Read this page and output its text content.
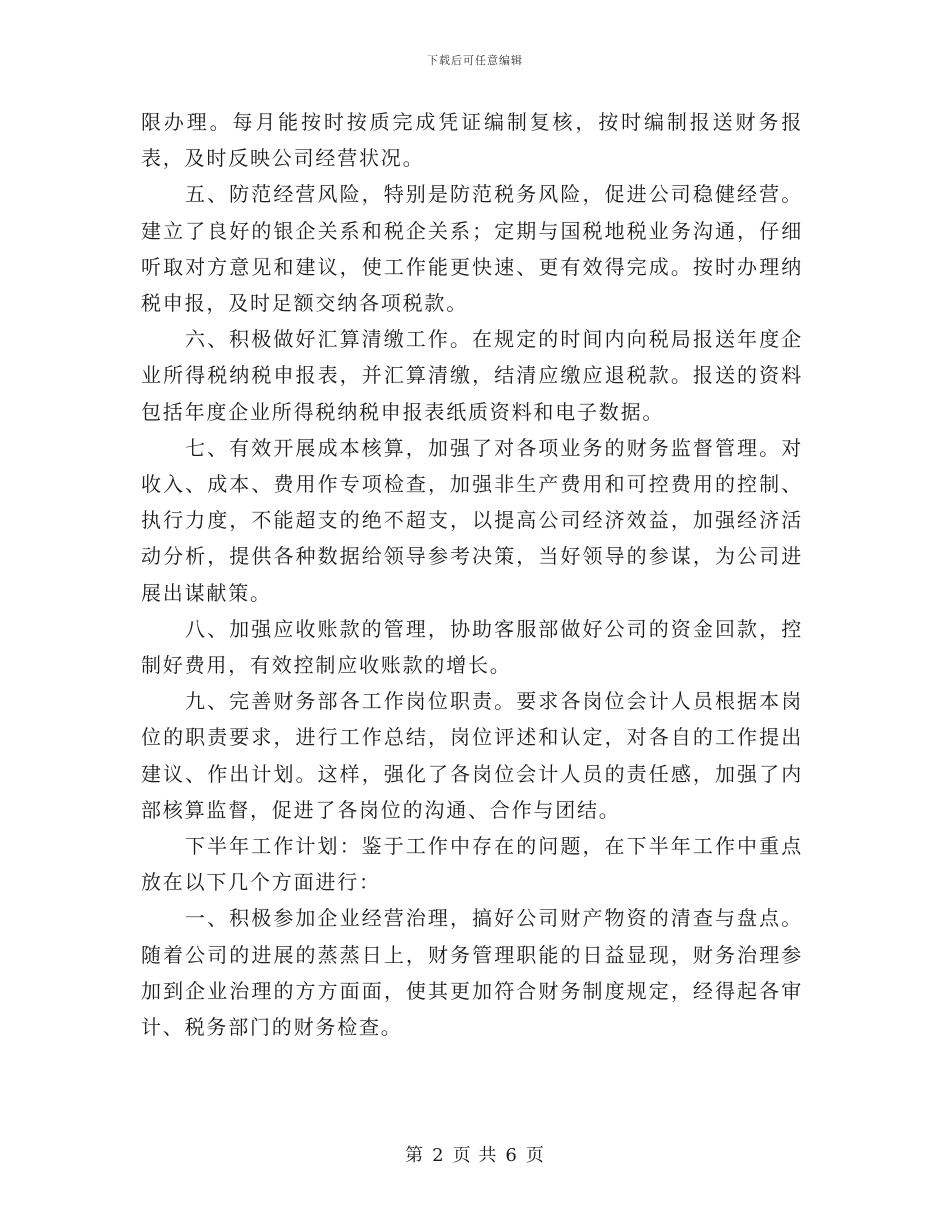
下载后可任意编辑

限办理。每月能按时按质完成凭证编制复核，按时编制报送财务报表，及时反映公司经营状况。

五、防范经营风险，特别是防范税务风险，促进公司稳健经营。建立了良好的银企关系和税企关系；定期与国税地税业务沟通，仔细听取对方意见和建议，使工作能更快速、更有效得完成。按时办理纳税申报，及时足额交纳各项税款。

六、积极做好汇算清缴工作。在规定的时间内向税局报送年度企业所得税纳税申报表，并汇算清缴，结清应缴应退税款。报送的资料包括年度企业所得税纳税申报表纸质资料和电子数据。

七、有效开展成本核算，加强了对各项业务的财务监督管理。对收入、成本、费用作专项检查，加强非生产费用和可控费用的控制、执行力度，不能超支的绝不超支，以提高公司经济效益，加强经济活动分析，提供各种数据给领导参考决策，当好领导的参谋，为公司进展出谋献策。

八、加强应收账款的管理，协助客服部做好公司的资金回款，控制好费用，有效控制应收账款的增长。

九、完善财务部各工作岗位职责。要求各岗位会计人员根据本岗位的职责要求，进行工作总结，岗位评述和认定，对各自的工作提出建议、作出计划。这样，强化了各岗位会计人员的责任感，加强了内部核算监督，促进了各岗位的沟通、合作与团结。

下半年工作计划：鉴于工作中存在的问题，在下半年工作中重点放在以下几个方面进行：

一、积极参加企业经营治理，搞好公司财产物资的清查与盘点。随着公司的进展的蒸蒸日上，财务管理职能的日益显现，财务治理参加到企业治理的方方面面，使其更加符合财务制度规定，经得起各审计、税务部门的财务检查。

第 2 页 共 6 页
